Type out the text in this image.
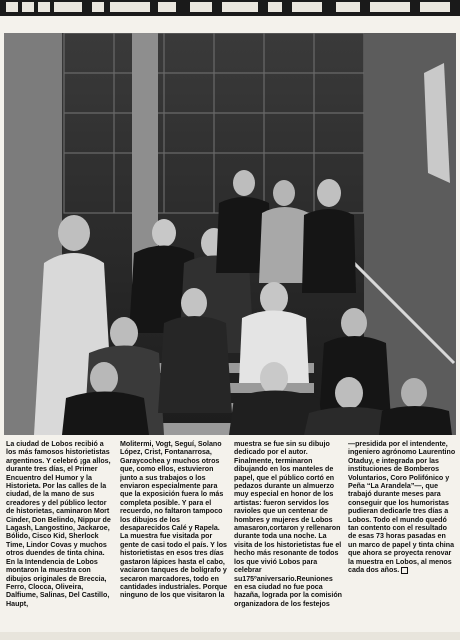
La ciudad de Lobos recibió a los más famosos historietistas argentinos. Y celebró ¡ga allos, durante tres días, el Primer Encuentro del Humor y la Historieta. Por las calles de la ciudad, de la mano de sus creadores y del público lector de historietas, caminaron Mort Cinder, Don Belindo, Nippur de Lagash, Langostino, Jackaroe, Bólido, Cisco Kid, Sherlock Time, Lindor Covas y muchos otros duendes de tinta china. En la Intendencia de Lobos montaron la muestra con dibujos originales de Breccia, Ferro, Clocca, Oliveira, Dalfiume, Salinas, Del Castillo, Haupt,
Molitermi, Vogt, Seguí, Solano López, Crist, Fontanarrosa, Garaycochea y muchos otros que, como ellos, estuvieron junto a sus trabajos o los enviaron especialmente para que la exposición fuera lo más completa posible. Y para el recuerdo, no faltaron tampoco los dibujos de los desaparecidos Calé y Rapela. La muestra fue visitada por gente de casi todo el país. Y los historietistas en esos tres días gastaron lápices hasta el cabo, vaciaron tanques de bolígrafo y secaron marcadores, todo en cantidades industriales. Porque ninguno de los que visitaron la
muestra se fue sin su dibujo dedicado por el autor. Finalmente, terminaron dibujando en los manteles de papel, que el público cortó en pedazos durante un almuerzo muy especial en honor de los artistas: fueron servidos los ravioles que un centenar de hombres y mujeres de Lobos amasaron,cortaron y rellenaron durante toda una noche. La visita de los historietistas fue el hecho más resonante de todos los que vivió Lobos para celebrar su175ºaniversario.Reuniones en esa ciudad no fue poca hazaña, lograda por la comisión organizadora de los festejos
—presidida por el intendente, ingeniero agrónomo Laurentino Otaduy, e integrada por las instituciones de Bomberos Voluntarios, Coro Polifónico y Peña “La Arandela”—, que trabajó durante meses para conseguir que los humoristas pudieran dedicarle tres días a Lobos. Todo el mundo quedó tan contento con el resultado de esas 73 horas pasadas en un marco de papel y tinta china que ahora se proyecta renovar la muestra en Lobos, al menos cada dos años.
